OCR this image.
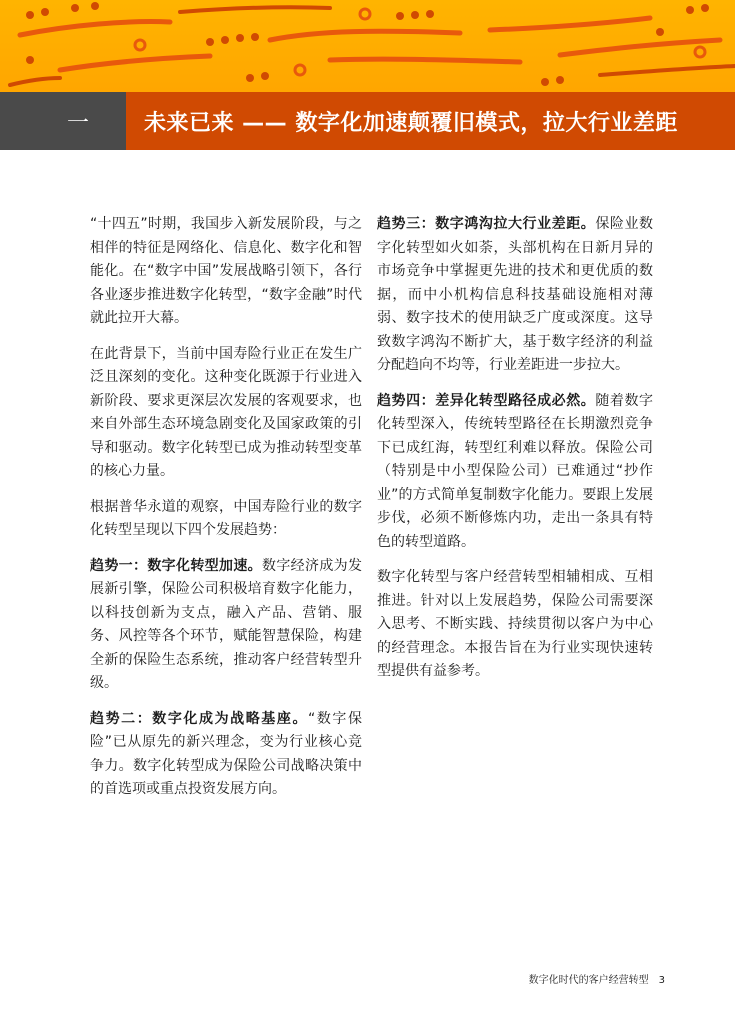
一	未来已来 —— 数字化加速颠覆旧模式，拉大行业差距

“十四五”时期，我国步入新发展阶段，与之相伴的特征是网络化、信息化、数字化和智能化。在“数字中国”发展战略引领下，各行各业逐步推进数字化转型，“数字金融”时代就此拉开大幕。

在此背景下，当前中国寿险行业正在发生广泛且深刻的变化。这种变化既源于行业进入新阶段、要求更深层次发展的客观要求，也来自外部生态环境急剧变化及国家政策的引导和驱动。数字化转型已成为推动转型变革的核心力量。

根据普华永道的观察，中国寿险行业的数字化转型呈现以下四个发展趋势：

趋势一：数字化转型加速。数字经济成为发展新引擎，保险公司积极培育数字化能力，以科技创新为支点，融入产品、营销、服务、风控等各个环节，赋能智慧保险，构建全新的保险生态系统，推动客户经营转型升级。

趋势二：数字化成为战略基座。“数字保险”已从原先的新兴理念，变为行业核心竞争力。数字化转型成为保险公司战略决策中的首选项或重点投资发展方向。

趋势三：数字鸿沟拉大行业差距。保险业数字化转型如火如荼，头部机构在日新月异的市场竞争中掌握更先进的技术和更优质的数据，而中小机构信息科技基础设施相对薄弱、数字技术的使用缺乏广度或深度。这导致数字鸿沟不断扩大，基于数字经济的利益分配趋向不均等，行业差距进一步拉大。

趋势四：差异化转型路径成必然。随着数字化转型深入，传统转型路径在长期激烈竞争下已成红海，转型红利难以释放。保险公司（特别是中小型保险公司）已难通过“抄作业”的方式简单复制数字化能力。要跟上发展步伐，必须不断修炼内功，走出一条具有特色的转型道路。

数字化转型与客户经营转型相辅相成、互相推进。针对以上发展趋势，保险公司需要深入思考、不断实践、持续贯彻以客户为中心的经营理念。本报告旨在为行业实现快速转型提供有益参考。

数字化时代的客户经营转型 3
